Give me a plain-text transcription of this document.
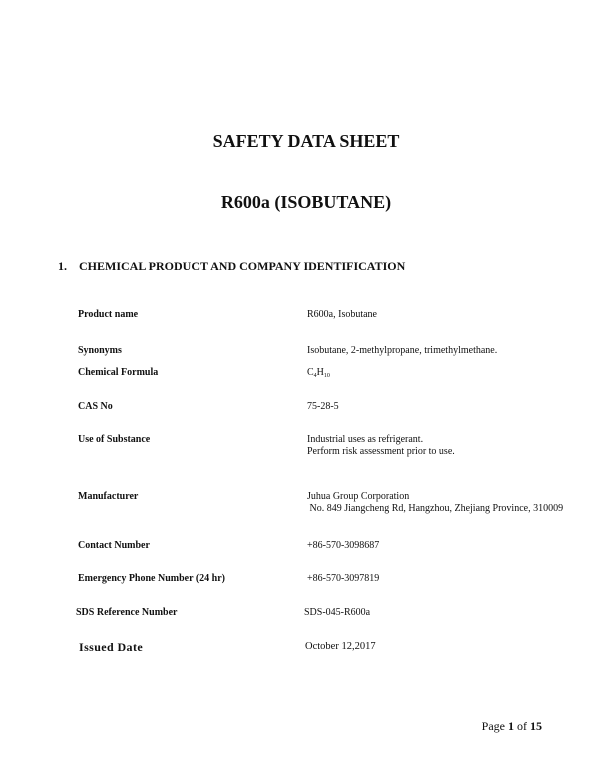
SAFETY DATA SHEET
R600a (ISOBUTANE)
1. CHEMICAL PRODUCT AND COMPANY IDENTIFICATION
Product name	R600a, Isobutane
Synonyms	Isobutane, 2-methylpropane, trimethylmethane.
Chemical Formula	$C_4H_{10}$
CAS No	75-28-5
Use of Substance	Industrial uses as refrigerant.
Perform risk assessment prior to use.
Manufacturer	Juhua Group Corporation
No. 849 Jiangcheng Rd, Hangzhou, Zhejiang Province, 310009
Contact Number	+86-570-3098687
Emergency Phone Number (24 hr)	+86-570-3097819
SDS Reference Number	SDS-045-R600a
Issued Date	October 12,2017
Page 1 of 15
